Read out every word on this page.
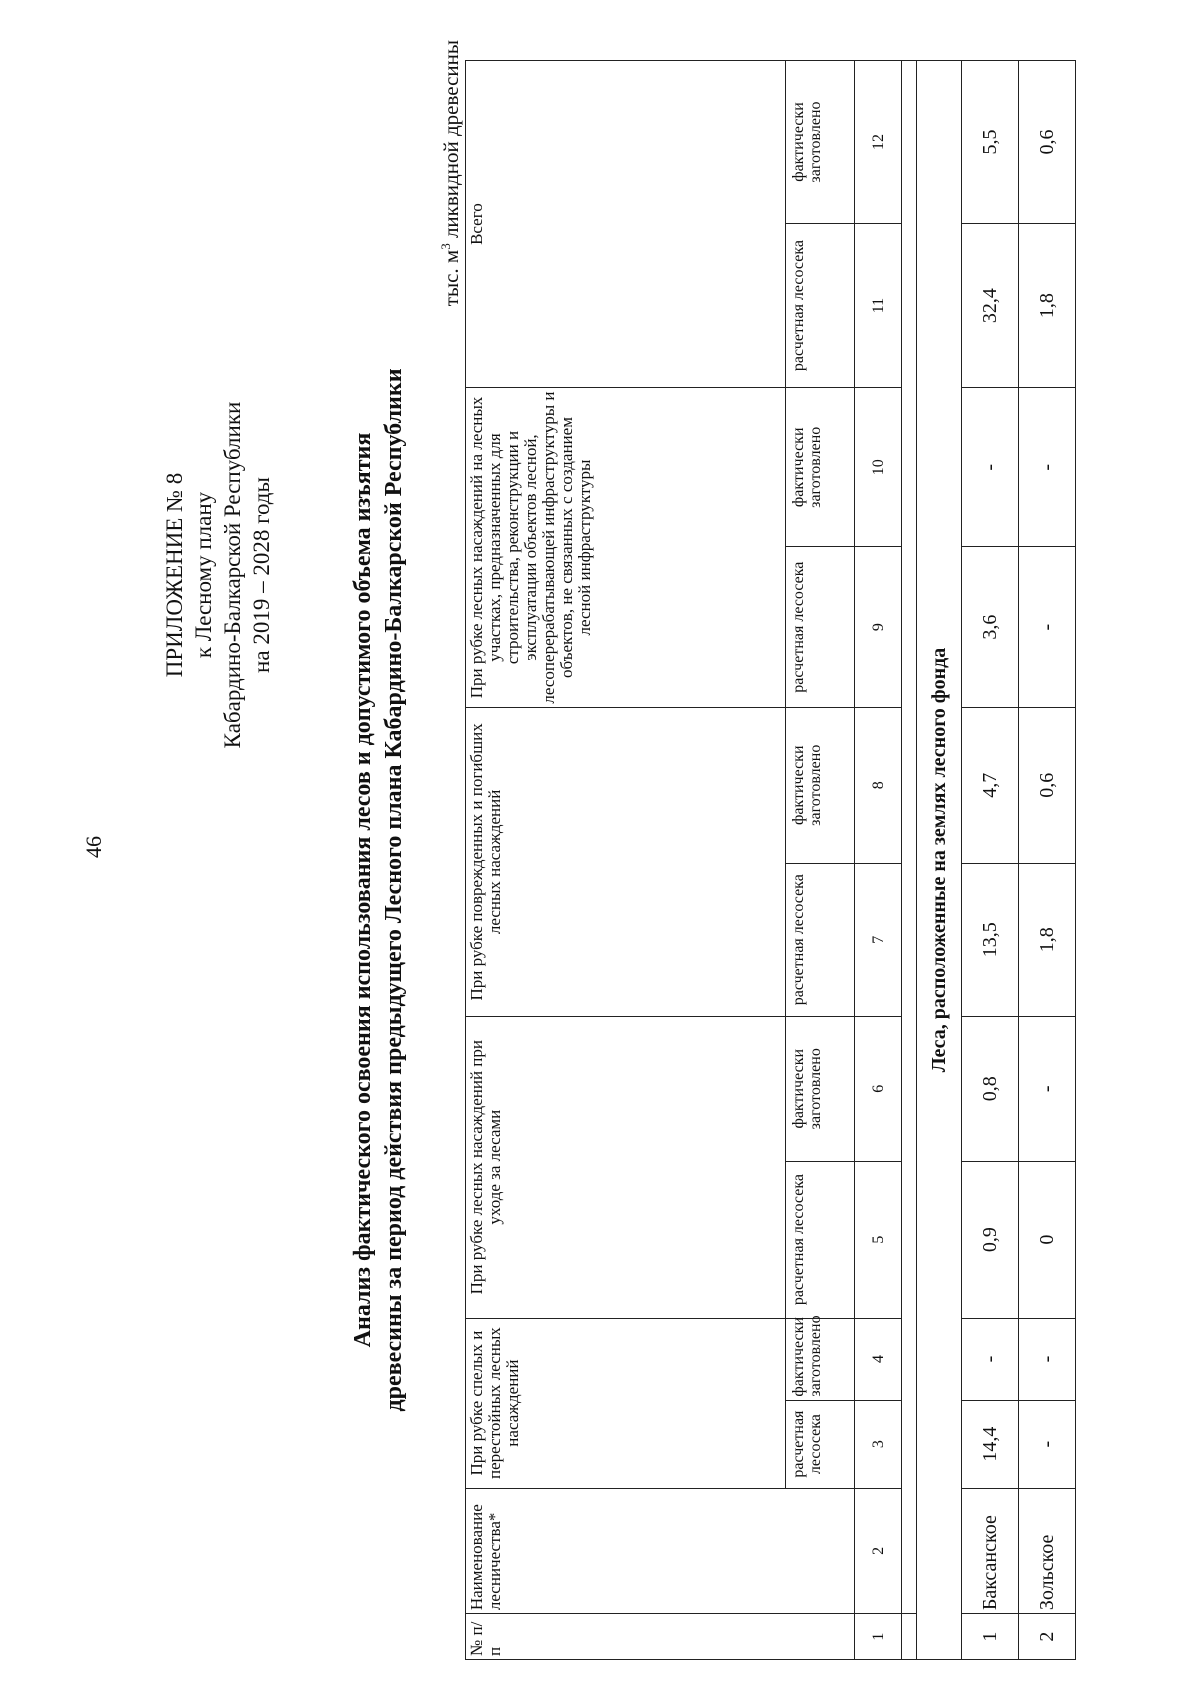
46
ПРИЛОЖЕНИЕ № 8 к Лесному плану Кабардино-Балкарской Республики на 2019 – 2028 годы	Анализ фактического освоения использования лесов и допустимого объема изъятия древесины за период действия предыдущего Лесного плана Кабардино-Балкарской Республики
тыс. $м^3$ ликвидной древесины
№ п/п	Наименование лесничества*	При рубке спелых и перестойных лесных насаждений		При рубке лесных насаждений при уходе за лесами		При рубке поврежденных и погибших лесных насаждений		При рубке лесных насаждений на лесных участках, предназначенных для строительства, реконструкции и эксплуатации объектов лесной, лесоперерабатывающей инфраструктуры и объектов, не связанных с созданием лесной инфраструктуры		Всего	
		расчетная лесосека	фактически заготовлено	расчетная лесосека	фактически заготовлено	расчетная лесосека	фактически заготовлено	расчетная лесосека	фактически заготовлено	расчетная лесосека	фактически заготовлено
1	2	3	4	5	6	7	8	9	10	11	12

Леса, расположенные на землях лесного фонда											
1	Баксанское	14,4	-	0,9	0,8	13,5	4,7	3,6	-	32,4	5,5
2	Зольское	-	-	0	-	1,8	0,6	-	-	1,8	0,6
